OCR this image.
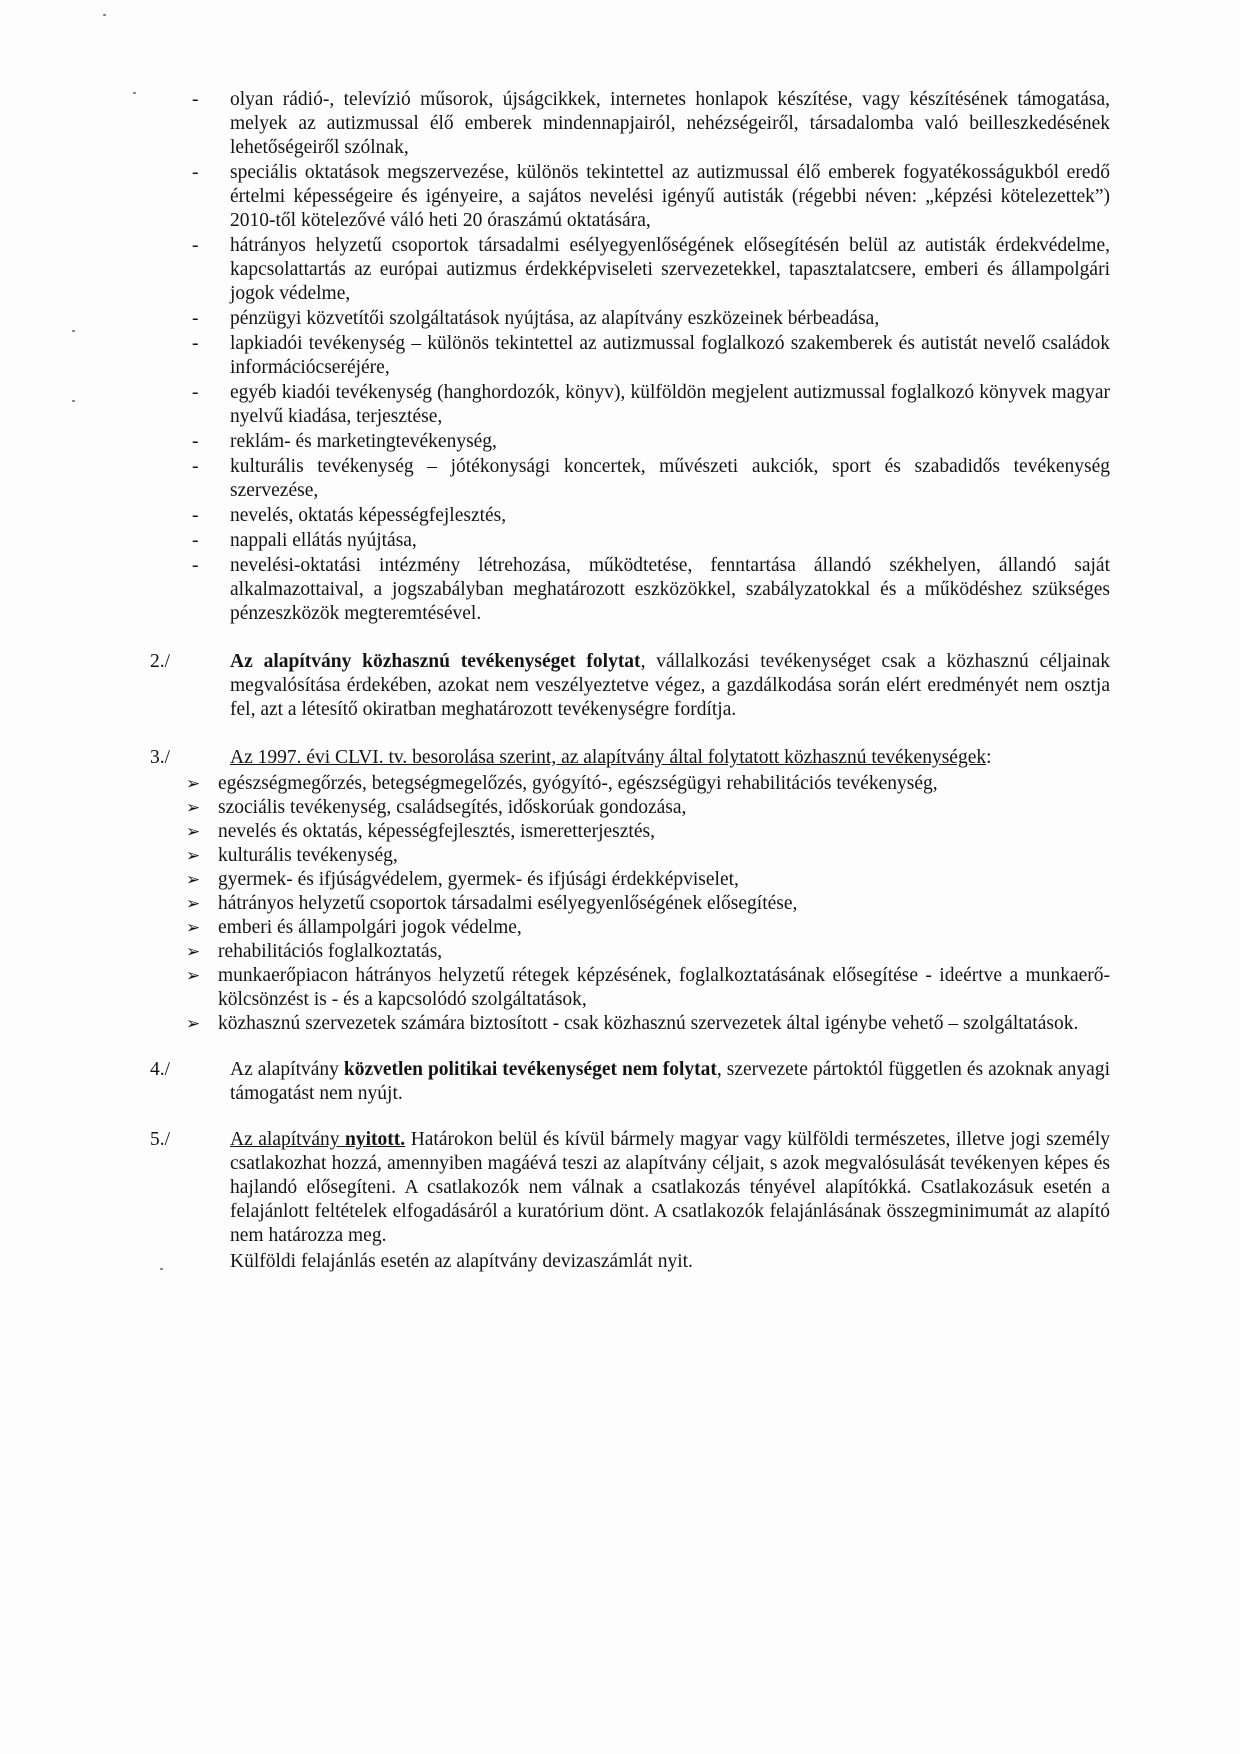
- olyan rádió-, televízió műsorok, újságcikkek, internetes honlapok készítése, vagy készítésének támogatása, melyek az autizmussal élő emberek mindennapjairól, nehézségeiről, társadalomba való beilleszkedésének lehetőségeiről szólnak,
- speciális oktatások megszervezése, különös tekintettel az autizmussal élő emberek fogyatékosságukból eredő értelmi képességeire és igényeire, a sajátos nevelési igényű autisták (régebbi néven: „képzési kötelezettek”) 2010-től kötelezővé váló heti 20 óraszámú oktatására,
- hátrányos helyzetű csoportok társadalmi esélyegyenlőségének elősegítésén belül az autisták érdekvédelme, kapcsolattartás az európai autizmus érdekképviseleti szervezetekkel, tapasztalatcsere, emberi és állampolgári jogok védelme,
- pénzügyi közvetítői szolgáltatások nyújtása, az alapítvány eszközeinek bérbeadása,
- lapkiadói tevékenység – különös tekintettel az autizmussal foglalkozó szakemberek és autistát nevelő családok információcseréjére,
- egyéb kiadói tevékenység (hanghordozók, könyv), külföldön megjelent autizmussal foglalkozó könyvek magyar nyelvű kiadása, terjesztése,
- reklám- és marketingtevékenység,
- kulturális tevékenység – jótékonysági koncertek, művészeti aukciók, sport és szabadidős tevékenység szervezése,
- nevelés, oktatás képességfejlesztés,
- nappali ellátás nyújtása,
- nevelési-oktatási intézmény létrehozása, működtetése, fenntartása állandó székhelyen, állandó saját alkalmazottaival, a jogszabályban meghatározott eszközökkel, szabályzatokkal és a működéshez szükséges pénzeszközök megteremtésével.
2./	Az alapítvány közhasznú tevékenységet folytat, vállalkozási tevékenységet csak a közhasznú céljainak megvalósítása érdekében, azokat nem veszélyeztetve végez, a gazdálkodása során elért eredményét nem osztja fel, azt a létesítő okiratban meghatározott tevékenységre fordítja.
3./	Az 1997. évi CLVI. tv. besorolása szerint, az alapítvány által folytatott közhasznú tevékenységek:
➢ egészségmegőrzés, betegségmegelőzés, gyógyító-, egészségügyi rehabilitációs tevékenység,
➢ szociális tevékenység, családsegítés, időskorúak gondozása,
➢ nevelés és oktatás, képességfejlesztés, ismeretterjesztés,
➢ kulturális tevékenység,
➢ gyermek- és ifjúságvédelem, gyermek- és ifjúsági érdekképviselet,
➢ hátrányos helyzetű csoportok társadalmi esélyegyenlőségének elősegítése,
➢ emberi és állampolgári jogok védelme,
➢ rehabilitációs foglalkoztatás,
➢ munkaerőpiacon hátrányos helyzetű rétegek képzésének, foglalkoztatásának elősegítése - ideértve a munkaerő-kölcsönzést is - és a kapcsolódó szolgáltatások,
➢ közhasznú szervezetek számára biztosított - csak közhasznú szervezetek által igénybe vehető – szolgáltatások.
4./	Az alapítvány közvetlen politikai tevékenységet nem folytat, szervezete pártoktól független és azoknak anyagi támogatást nem nyújt.
5./	Az alapítvány nyitott. Határokon belül és kívül bármely magyar vagy külföldi természetes, illetve jogi személy csatlakozhat hozzá, amennyiben magáévá teszi az alapítvány céljait, s azok megvalósulását tevékenyen képes és hajlandó elősegíteni. A csatlakozók nem válnak a csatlakozás tényével alapítókká. Csatlakozásuk esetén a felajánlott feltételek elfogadásáról a kuratórium dönt. A csatlakozók felajánlásának összegminimumát az alapító nem határozza meg.
Külföldi felajánlás esetén az alapítvány devizaszámlát nyit.
